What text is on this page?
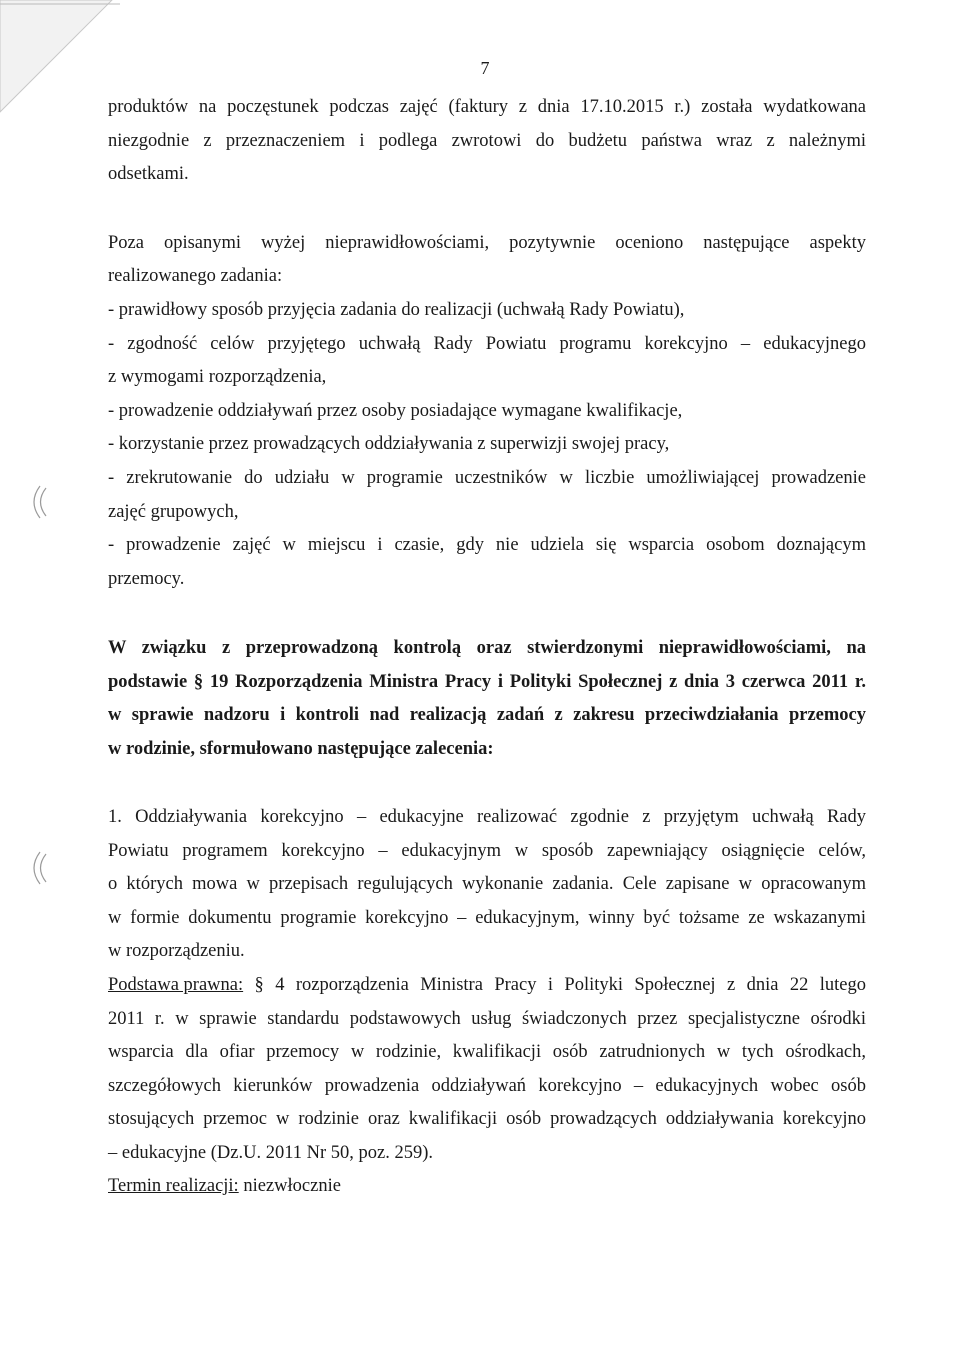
7
produktów na poczęstunek podczas zajęć (faktury z dnia 17.10.2015 r.) została wydatkowana
niezgodnie z przeznaczeniem i podlega zwrotowi do budżetu państwa wraz z należnymi
odsetkami.
Poza opisanymi wyżej nieprawidłowościami, pozytywnie oceniono następujące aspekty
realizowanego zadania:
- prawidłowy sposób przyjęcia zadania do realizacji (uchwałą Rady Powiatu),
- zgodność celów przyjętego uchwałą Rady Powiatu programu korekcyjno – edukacyjnego
z wymogami rozporządzenia,
- prowadzenie oddziaływań przez osoby posiadające wymagane kwalifikacje,
- korzystanie przez prowadzących oddziaływania z superwizji swojej pracy,
- zrekrutowanie do udziału w programie uczestników w liczbie umożliwiającej prowadzenie
zajęć grupowych,
- prowadzenie zajęć w miejscu i czasie, gdy nie udziela się wsparcia osobom doznającym
przemocy.
W związku z przeprowadzoną kontrolą oraz stwierdzonymi nieprawidłowościami, na
podstawie § 19 Rozporządzenia Ministra Pracy i Polityki Społecznej z dnia 3 czerwca 2011 r.
w sprawie nadzoru i kontroli nad realizacją zadań z zakresu przeciwdziałania przemocy
w rodzinie, sformułowano następujące zalecenia:
1. Oddziaływania korekcyjno – edukacyjne realizować zgodnie z przyjętym uchwałą Rady
Powiatu programem korekcyjno – edukacyjnym w sposób zapewniający osiągnięcie celów,
o których mowa w przepisach regulujących wykonanie zadania. Cele zapisane w opracowanym
w formie dokumentu programie korekcyjno – edukacyjnym, winny być tożsame ze wskazanymi
w rozporządzeniu.
Podstawa prawna: § 4 rozporządzenia Ministra Pracy i Polityki Społecznej z dnia 22 lutego
2011 r. w sprawie standardu podstawowych usług świadczonych przez specjalistyczne ośrodki
wsparcia dla ofiar przemocy w rodzinie, kwalifikacji osób zatrudnionych w tych ośrodkach,
szczegółowych kierunków prowadzenia oddziaływań korekcyjno – edukacyjnych wobec osób
stosujących przemoc w rodzinie oraz kwalifikacji osób prowadzących oddziaływania korekcyjno
– edukacyjne (Dz.U. 2011 Nr 50, poz. 259).
Termin realizacji: niezwłocznie
